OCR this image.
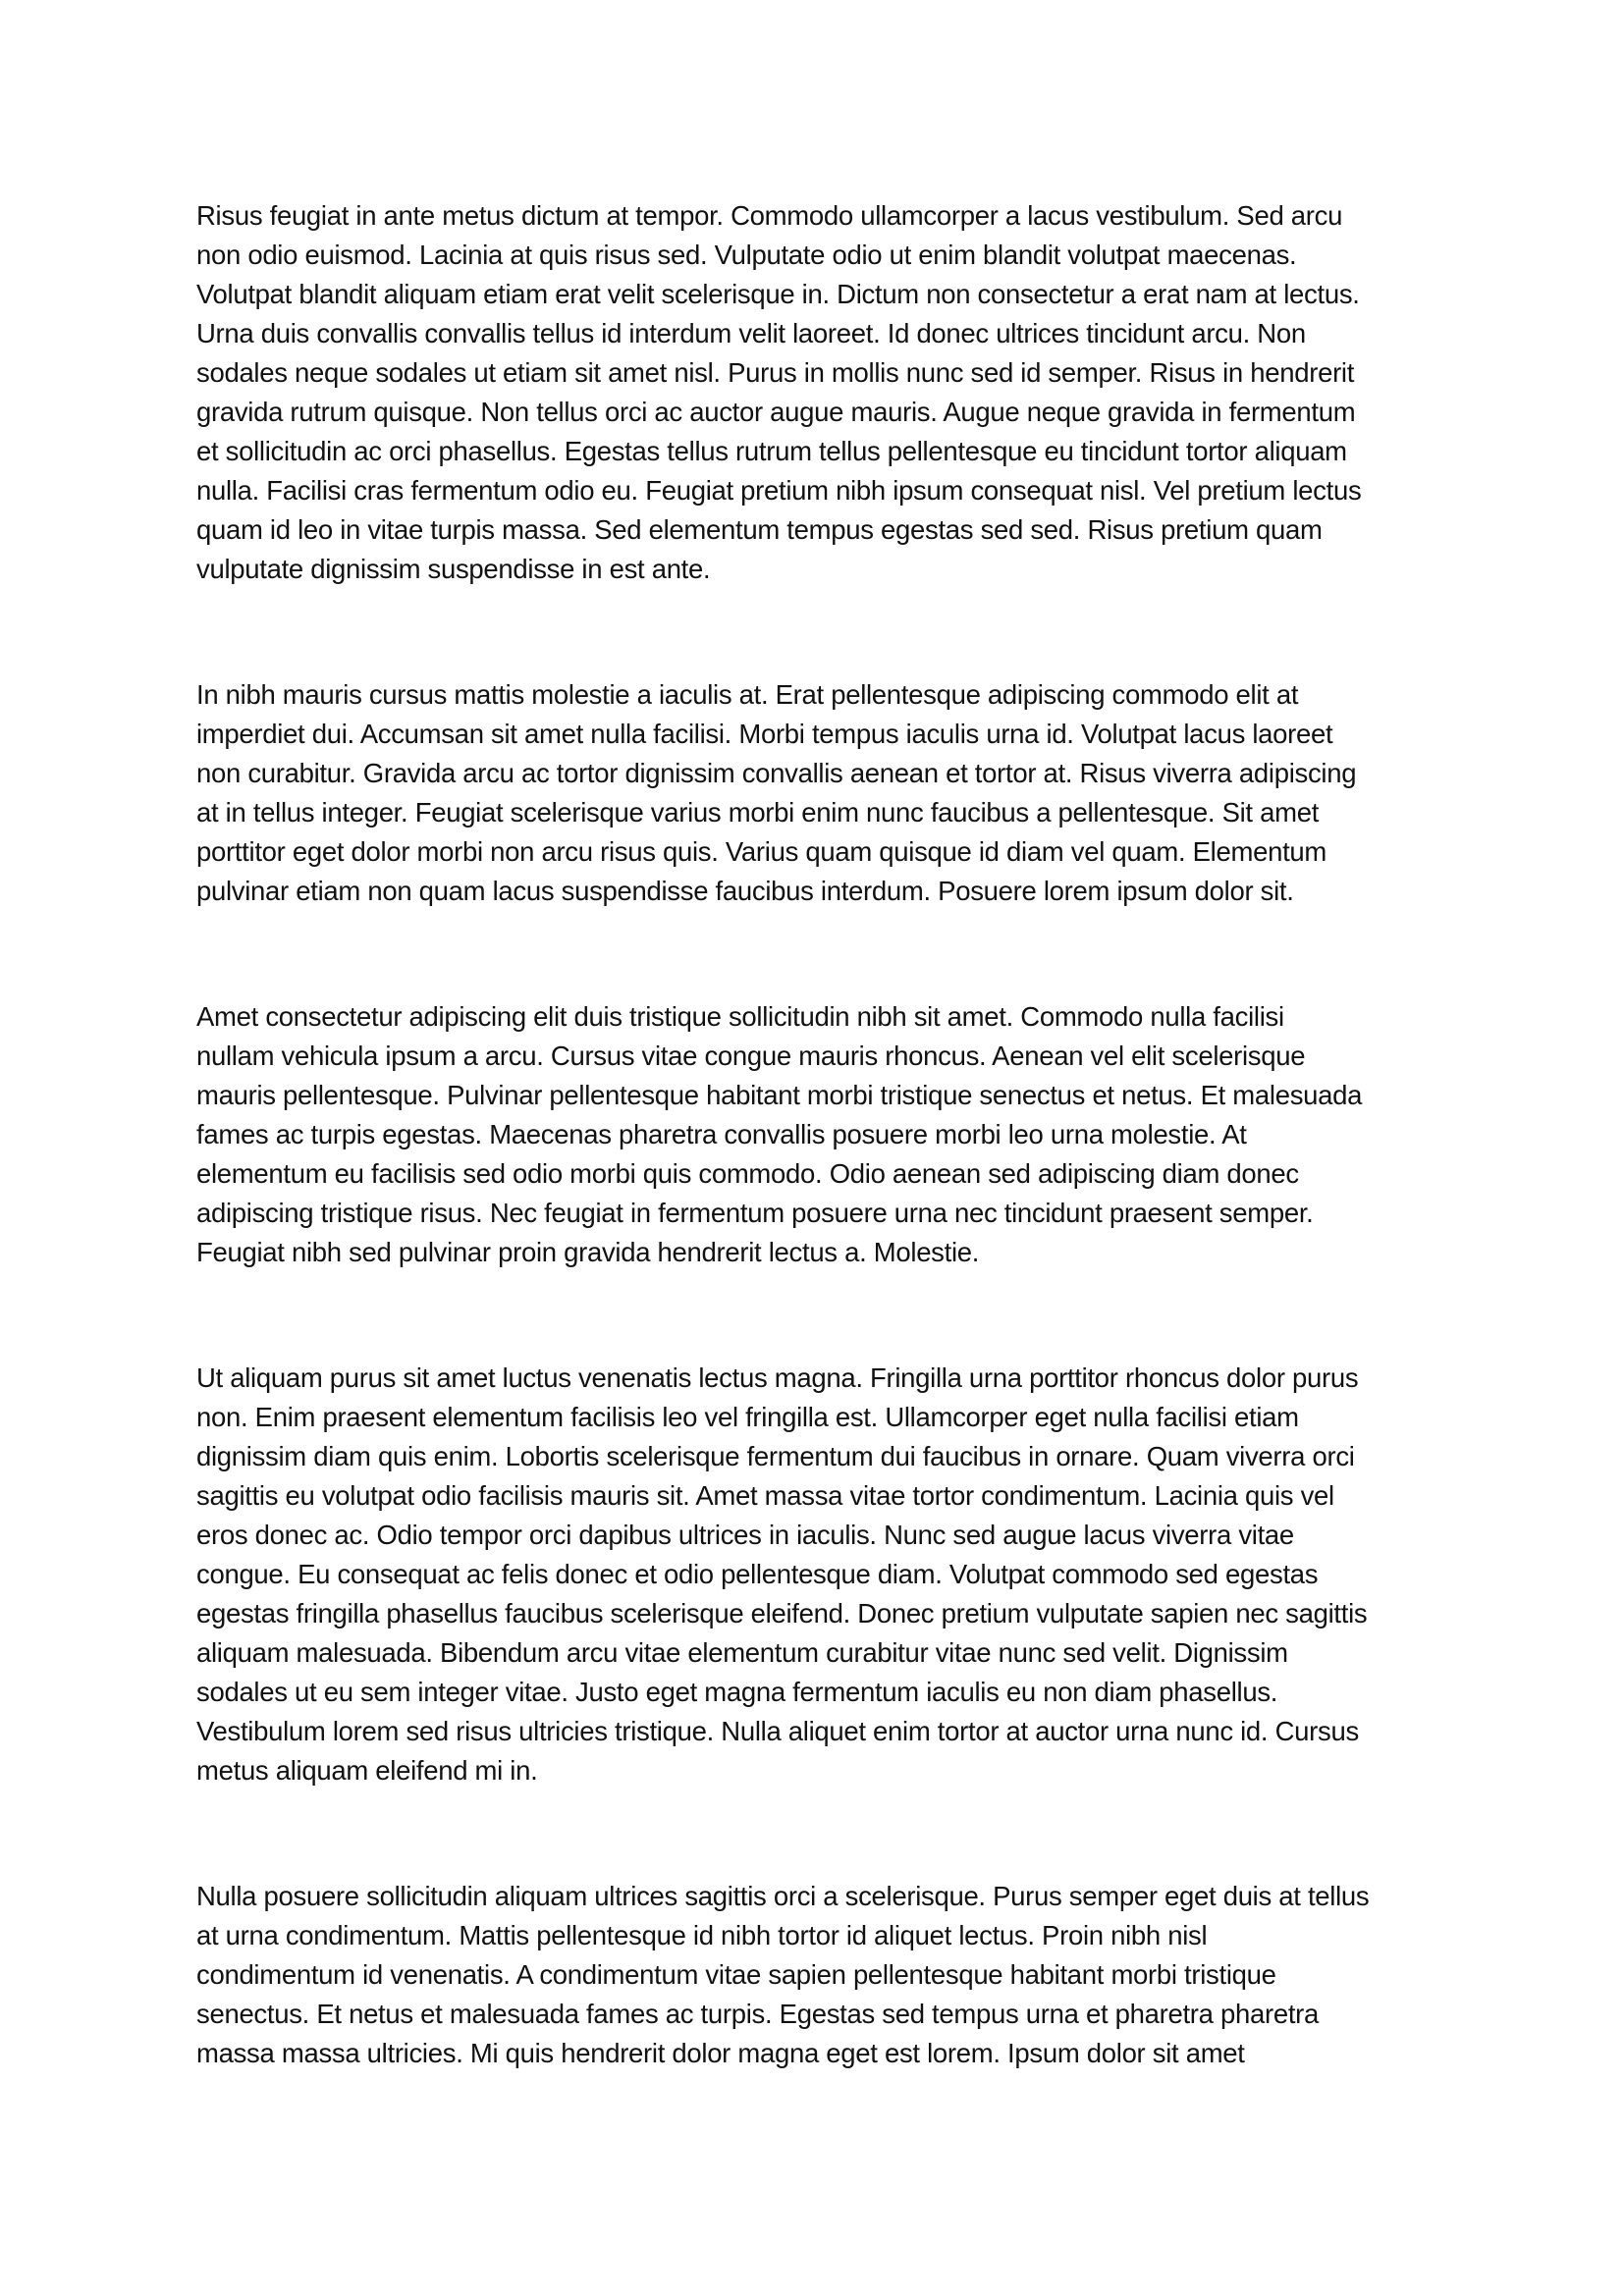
Risus feugiat in ante metus dictum at tempor. Commodo ullamcorper a lacus vestibulum. Sed arcu
non odio euismod. Lacinia at quis risus sed. Vulputate odio ut enim blandit volutpat maecenas.
Volutpat blandit aliquam etiam erat velit scelerisque in. Dictum non consectetur a erat nam at lectus.
Urna duis convallis convallis tellus id interdum velit laoreet. Id donec ultrices tincidunt arcu. Non
sodales neque sodales ut etiam sit amet nisl. Purus in mollis nunc sed id semper. Risus in hendrerit
gravida rutrum quisque. Non tellus orci ac auctor augue mauris. Augue neque gravida in fermentum
et sollicitudin ac orci phasellus. Egestas tellus rutrum tellus pellentesque eu tincidunt tortor aliquam
nulla. Facilisi cras fermentum odio eu. Feugiat pretium nibh ipsum consequat nisl. Vel pretium lectus
quam id leo in vitae turpis massa. Sed elementum tempus egestas sed sed. Risus pretium quam
vulputate dignissim suspendisse in est ante.
In nibh mauris cursus mattis molestie a iaculis at. Erat pellentesque adipiscing commodo elit at
imperdiet dui. Accumsan sit amet nulla facilisi. Morbi tempus iaculis urna id. Volutpat lacus laoreet
non curabitur. Gravida arcu ac tortor dignissim convallis aenean et tortor at. Risus viverra adipiscing
at in tellus integer. Feugiat scelerisque varius morbi enim nunc faucibus a pellentesque. Sit amet
porttitor eget dolor morbi non arcu risus quis. Varius quam quisque id diam vel quam. Elementum
pulvinar etiam non quam lacus suspendisse faucibus interdum. Posuere lorem ipsum dolor sit.
Amet consectetur adipiscing elit duis tristique sollicitudin nibh sit amet. Commodo nulla facilisi
nullam vehicula ipsum a arcu. Cursus vitae congue mauris rhoncus. Aenean vel elit scelerisque
mauris pellentesque. Pulvinar pellentesque habitant morbi tristique senectus et netus. Et malesuada
fames ac turpis egestas. Maecenas pharetra convallis posuere morbi leo urna molestie. At
elementum eu facilisis sed odio morbi quis commodo. Odio aenean sed adipiscing diam donec
adipiscing tristique risus. Nec feugiat in fermentum posuere urna nec tincidunt praesent semper.
Feugiat nibh sed pulvinar proin gravida hendrerit lectus a. Molestie.
Ut aliquam purus sit amet luctus venenatis lectus magna. Fringilla urna porttitor rhoncus dolor purus
non. Enim praesent elementum facilisis leo vel fringilla est. Ullamcorper eget nulla facilisi etiam
dignissim diam quis enim. Lobortis scelerisque fermentum dui faucibus in ornare. Quam viverra orci
sagittis eu volutpat odio facilisis mauris sit. Amet massa vitae tortor condimentum. Lacinia quis vel
eros donec ac. Odio tempor orci dapibus ultrices in iaculis. Nunc sed augue lacus viverra vitae
congue. Eu consequat ac felis donec et odio pellentesque diam. Volutpat commodo sed egestas
egestas fringilla phasellus faucibus scelerisque eleifend. Donec pretium vulputate sapien nec sagittis
aliquam malesuada. Bibendum arcu vitae elementum curabitur vitae nunc sed velit. Dignissim
sodales ut eu sem integer vitae. Justo eget magna fermentum iaculis eu non diam phasellus.
Vestibulum lorem sed risus ultricies tristique. Nulla aliquet enim tortor at auctor urna nunc id. Cursus
metus aliquam eleifend mi in.
Nulla posuere sollicitudin aliquam ultrices sagittis orci a scelerisque. Purus semper eget duis at tellus
at urna condimentum. Mattis pellentesque id nibh tortor id aliquet lectus. Proin nibh nisl
condimentum id venenatis. A condimentum vitae sapien pellentesque habitant morbi tristique
senectus. Et netus et malesuada fames ac turpis. Egestas sed tempus urna et pharetra pharetra
massa massa ultricies. Mi quis hendrerit dolor magna eget est lorem. Ipsum dolor sit amet
